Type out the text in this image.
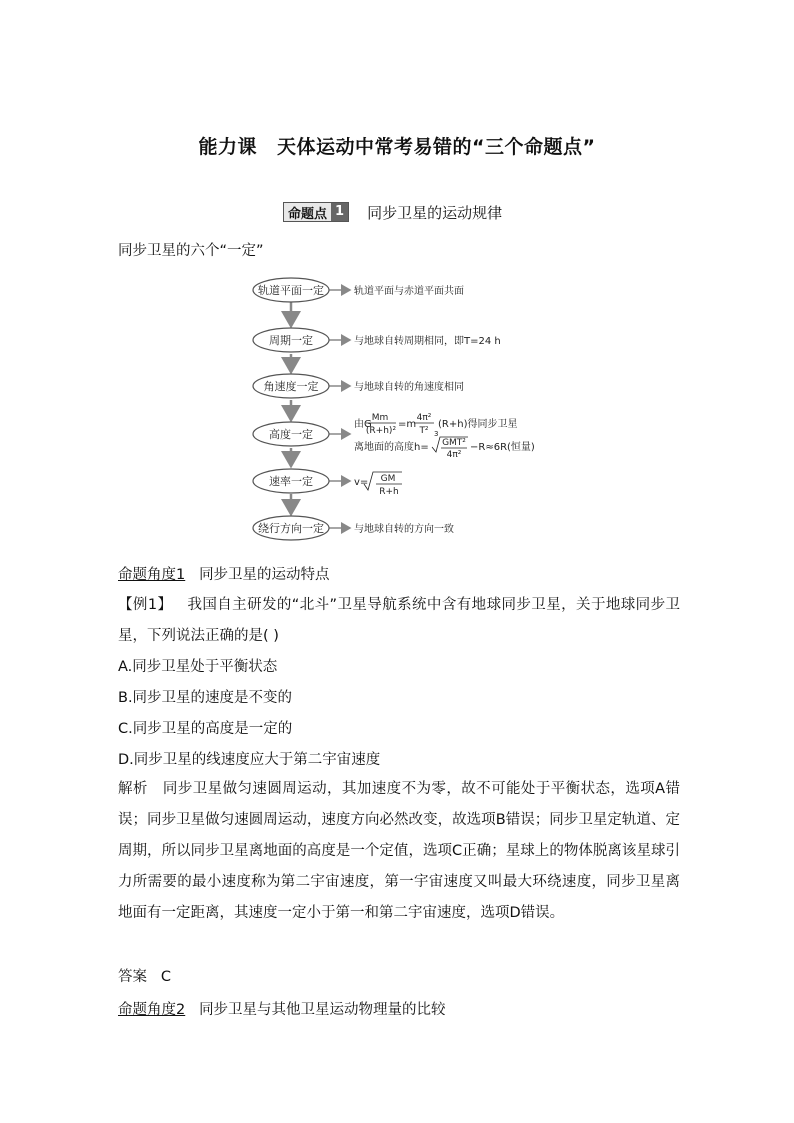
能力课 天体运动中常考易错的“三个命题点”
命题点 1 同步卫星的运动规律
同步卫星的六个“一定”
轨道平面一定
周期一定
角速度一定
高度一定
速率一定
绕行方向一定
轨道平面与赤道平面共面
与地球自转周期相同，即T=24 h
与地球自转的角速度相同
由G
Mm
(R+h)²
=m
4π²
T²
(R+h)得同步卫星
离地面的高度h=
3
GMT²
4π²
−R≈6R(恒量)
v= GM
R+h
与地球自转的方向一致
命题角度1 同步卫星的运动特点
【例1】 我国自主研发的“北斗”卫星导航系统中含有地球同步卫星，关于地球同步卫星，下列说法正确的是( )
A.同步卫星处于平衡状态
B.同步卫星的速度是不变的
C.同步卫星的高度是一定的
D.同步卫星的线速度应大于第二宇宙速度
解析 同步卫星做匀速圆周运动，其加速度不为零，故不可能处于平衡状态，选项A错误；同步卫星做匀速圆周运动，速度方向必然改变，故选项B错误；同步卫星定轨道、定周期，所以同步卫星离地面的高度是一个定值，选项C正确；星球上的物体脱离该星球引力所需要的最小速度称为第二宇宙速度，第一宇宙速度又叫最大环绕速度，同步卫星离地面有一定距离，其速度一定小于第一和第二宇宙速度，选项D错误。
答案 C
命题角度2 同步卫星与其他卫星运动物理量的比较
